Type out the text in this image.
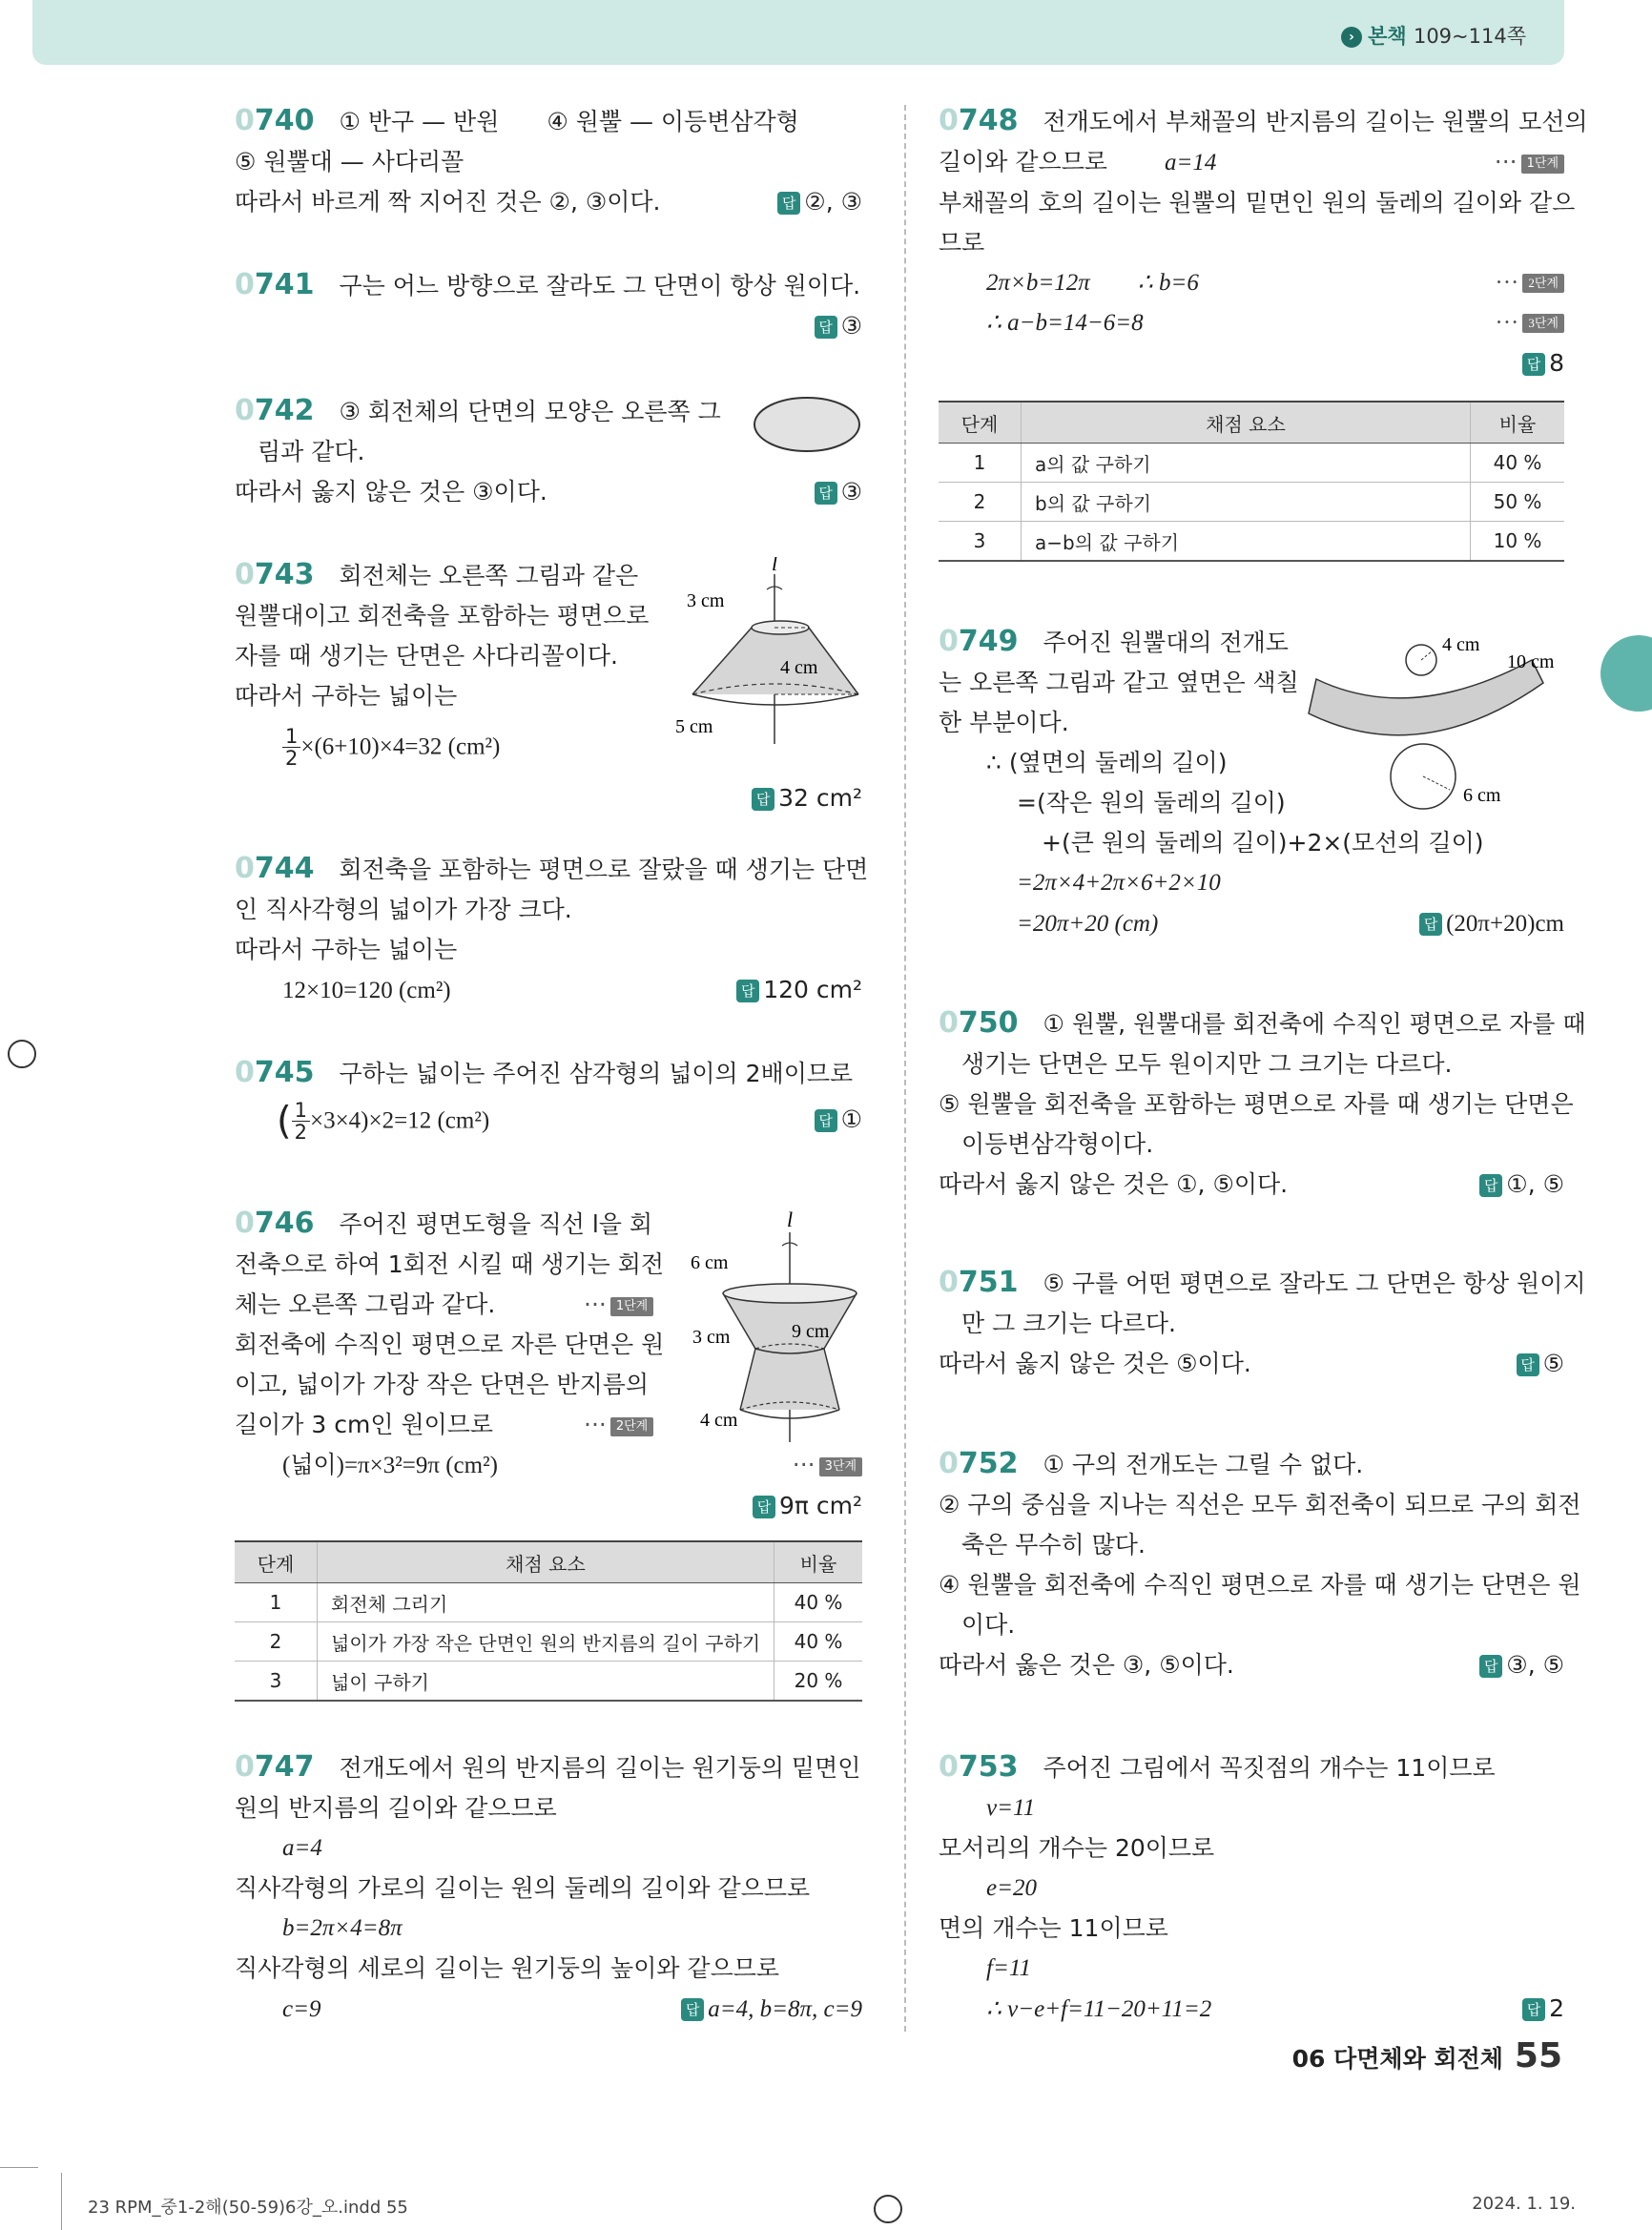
› 본책 109~114쪽
0740 ① 반구 — 반원 ④ 원뿔 — 이등변삼각형
⑤ 원뿔대 — 사다리꼴
따라서 바르게 짝 지어진 것은 ②, ③이다.	답 ②, ③
0741 구는 어느 방향으로 잘라도 그 단면이 항상 원이다.
답 ③
0742 ③ 회전체의 단면의 모양은 오른쪽 그
림과 같다.
따라서 옳지 않은 것은 ③이다.	답 ③
0743 회전체는 오른쪽 그림과 같은
원뿔대이고 회전축을 포함하는 평면으로
자를 때 생기는 단면은 사다리꼴이다.
따라서 구하는 넓이는
$\frac{1}{2} \times(6+10)\times 4=32$ (cm²)
답 32 cm²
l
3 cm
4 cm
5 cm
0744 회전축을 포함하는 평면으로 잘랐을 때 생기는 단면
인 직사각형의 넓이가 가장 크다.
따라서 구하는 넓이는
12×10=120 (cm²)	답 120 cm²
0745 구하는 넓이는 주어진 삼각형의 넓이의 2배이므로
( $\frac{1}{2} \times 3\times 4)\times 2=12$ (cm²)	답 ①
0746 주어진 평면도형을 직선 l을 회
전축으로 하여 1회전 시킬 때 생기는 회전
체는 오른쪽 그림과 같다.	··· 1단계
회전축에 수직인 평면으로 자른 단면은 원
이고, 넓이가 가장 작은 단면은 반지름의
길이가 3 cm인 원이므로	··· 2단계
(넓이)=π×3²=9π (cm²)	··· 3단계
답 9π cm²
l
6 cm
3 cm	9 cm
4 cm
단계	채점 요소	비율
1	회전체 그리기	40 %
2	넓이가 가장 작은 단면인 원의 반지름의 길이 구하기	40 %
3	넓이 구하기	20 %
0747 전개도에서 원의 반지름의 길이는 원기둥의 밑면인
원의 반지름의 길이와 같으므로
a=4
직사각형의 가로의 길이는 원의 둘레의 길이와 같으므로
b=2π×4=8π
직사각형의 세로의 길이는 원기둥의 높이와 같으므로
c=9	답 a=4, b=8π, c=9
0748 전개도에서 부채꼴의 반지름의 길이는 원뿔의 모선의
길이와 같으므로 a=14	··· 1단계
부채꼴의 호의 길이는 원뿔의 밑면인 원의 둘레의 길이와 같으
므로
2π×b=12π ∴ b=6	··· 2단계
∴ a−b=14−6=8	··· 3단계
답 8
단계	채점 요소	비율
1	a의 값 구하기	40 %
2	b의 값 구하기	50 %
3	a−b의 값 구하기	10 %
0749 주어진 원뿔대의 전개도
는 오른쪽 그림과 같고 옆면은 색칠
한 부분이다.
∴ (옆면의 둘레의 길이)
=(작은 원의 둘레의 길이)
+(큰 원의 둘레의 길이)+2×(모선의 길이)
=2π×4+2π×6+2×10
=20π+20 (cm)	답 (20π+20)cm
4 cm
10 cm
6 cm
0750 ① 원뿔, 원뿔대를 회전축에 수직인 평면으로 자를 때
생기는 단면은 모두 원이지만 그 크기는 다르다.
⑤ 원뿔을 회전축을 포함하는 평면으로 자를 때 생기는 단면은
이등변삼각형이다.
따라서 옳지 않은 것은 ①, ⑤이다.	답 ①, ⑤
0751 ⑤ 구를 어떤 평면으로 잘라도 그 단면은 항상 원이지
만 그 크기는 다르다.
따라서 옳지 않은 것은 ⑤이다.	답 ⑤
0752 ① 구의 전개도는 그릴 수 없다.
② 구의 중심을 지나는 직선은 모두 회전축이 되므로 구의 회전
축은 무수히 많다.
④ 원뿔을 회전축에 수직인 평면으로 자를 때 생기는 단면은 원
이다.
따라서 옳은 것은 ③, ⑤이다.	답 ③, ⑤
0753 주어진 그림에서 꼭짓점의 개수는 11이므로
v=11
모서리의 개수는 20이므로
e=20
면의 개수는 11이므로
f=11
∴ v−e+f=11−20+11=2	답 2
06 다면체와 회전체 55
23 RPM_중1-2해(50-59)6강_오.indd 55	2024. 1. 19.
